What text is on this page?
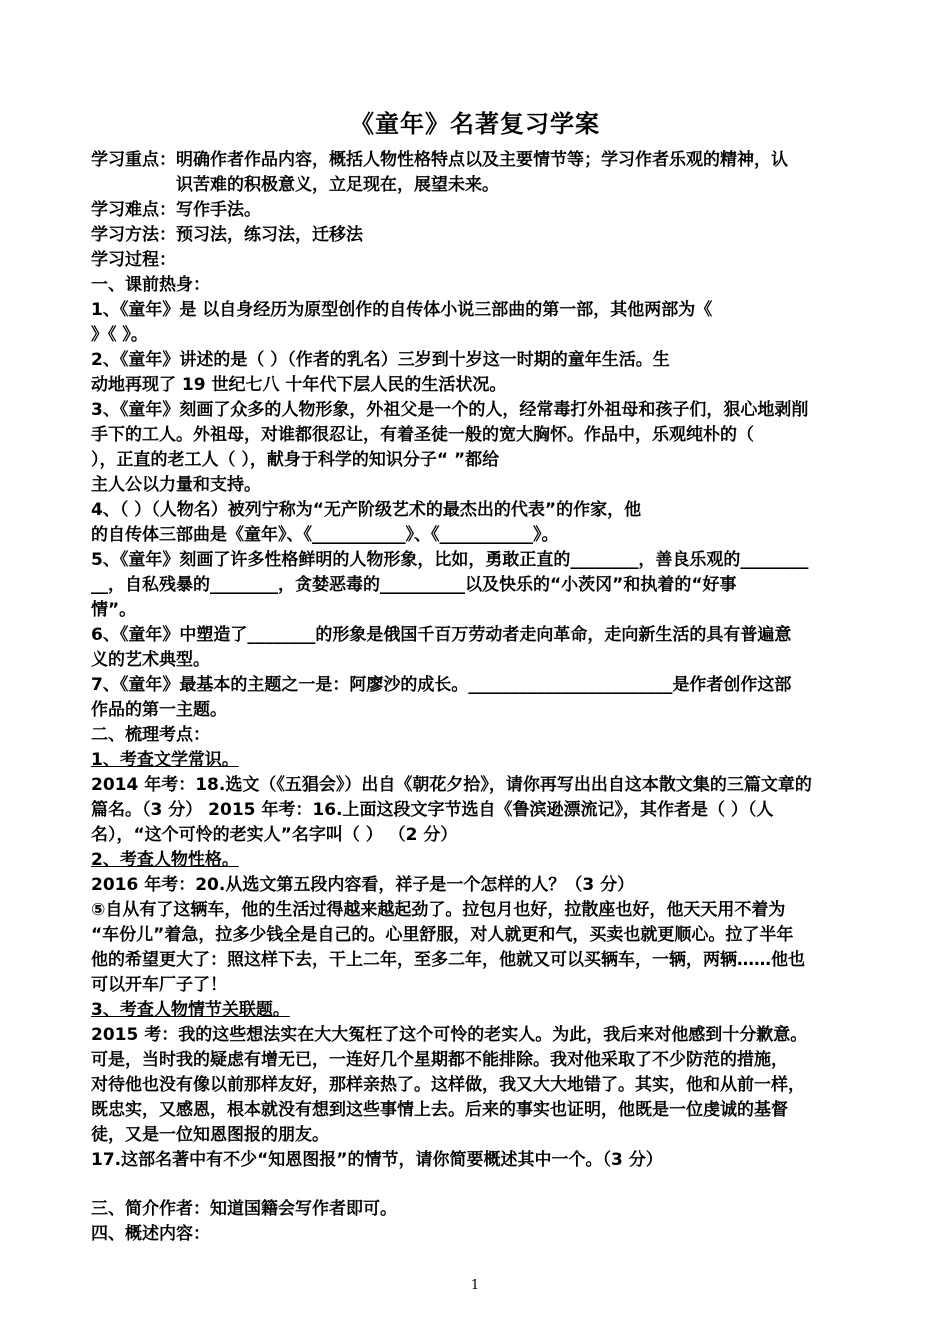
《童年》名著复习学案
学习重点：明确作者作品内容，概括人物性格特点以及主要情节等；学习作者乐观的精神，认
　　　　　识苦难的积极意义，立足现在，展望未来。
学习难点：写作手法。
学习方法：预习法，练习法，迁移法
学习过程：
一、课前热身：
1、《童年》是 以自身经历为原型创作的自传体小说三部曲的第一部，其他两部为《
》《 》。
2、《童年》讲述的是（ ）（作者的乳名）三岁到十岁这一时期的童年生活。生
动地再现了 19 世纪七八 十年代下层人民的生活状况。
3、《童年》刻画了众多的人物形象，外祖父是一个的人，经常毒打外祖母和孩子们，狠心地剥削
手下的工人。外祖母，对谁都很忍让，有着圣徒一般的宽大胸怀。作品中，乐观纯朴的（
），正直的老工人（ ），献身于科学的知识分子“ ”都给
主人公以力量和支持。
4、（ ）（人物名）被列宁称为“无产阶级艺术的最杰出的代表”的作家，他
的自传体三部曲是《童年》、《___________》、《___________》。
5、《童年》刻画了许多性格鲜明的人物形象，比如，勇敢正直的________，善良乐观的________
__，自私残暴的________，贪婪恶毒的__________以及快乐的“小茨冈”和执着的“好事
情”。
6、《童年》中塑造了________的形象是俄国千百万劳动者走向革命，走向新生活的具有普遍意
义的艺术典型。
7、《童年》最基本的主题之一是：阿廖沙的成长。________________________是作者创作这部
作品的第一主题。
二、梳理考点：
1、考查文学常识。
2014 年考：18.选文（《五猖会》）出自《朝花夕拾》，请你再写出出自这本散文集的三篇文章的
篇名。（3 分） 2015 年考：16.上面这段文字节选自《鲁滨逊漂流记》，其作者是（ ）（人
名），“这个可怜的老实人”名字叫（ ） （2 分）
2、考查人物性格。
2016 年考：20.从选文第五段内容看，祥子是一个怎样的人？（3 分）
⑤自从有了这辆车，他的生活过得越来越起劲了。拉包月也好，拉散座也好，他天天用不着为
“车份儿”着急，拉多少钱全是自己的。心里舒服，对人就更和气，买卖也就更顺心。拉了半年
他的希望更大了：照这样下去，干上二年，至多二年，他就又可以买辆车，一辆，两辆……他也
可以开车厂子了！
3、考查人物情节关联题。
2015 考：我的这些想法实在大大冤枉了这个可怜的老实人。为此，我后来对他感到十分歉意。
可是，当时我的疑虑有增无已，一连好几个星期都不能排除。我对他采取了不少防范的措施，
对待他也没有像以前那样友好，那样亲热了。这样做，我又大大地错了。其实，他和从前一样，
既忠实，又感恩，根本就没有想到这些事情上去。后来的事实也证明，他既是一位虔诚的基督
徒，又是一位知恩图报的朋友。
17.这部名著中有不少“知恩图报”的情节，请你简要概述其中一个。（3 分）
三、简介作者：知道国籍会写作者即可。
四、概述内容：
1
